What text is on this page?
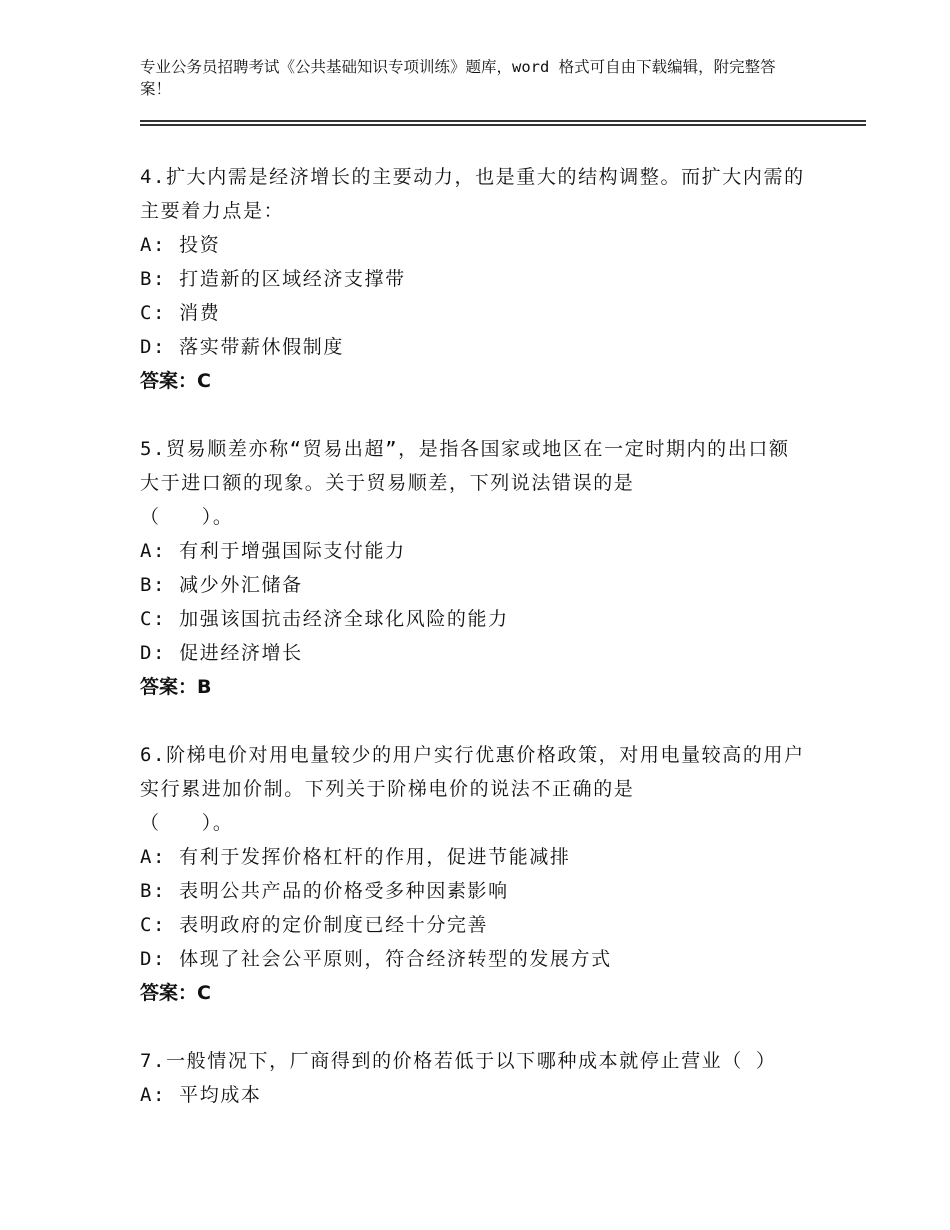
专业公务员招聘考试《公共基础知识专项训练》题库，word 格式可自由下载编辑，附完整答案！
4.扩大内需是经济增长的主要动力，也是重大的结构调整。而扩大内需的主要着力点是：
A: 投资
B: 打造新的区域经济支撑带
C: 消费
D: 落实带薪休假制度
答案：C
5.贸易顺差亦称“贸易出超”，是指各国家或地区在一定时期内的出口额大于进口额的现象。关于贸易顺差，下列说法错误的是
（　　）。
A: 有利于增强国际支付能力
B: 减少外汇储备
C: 加强该国抗击经济全球化风险的能力
D: 促进经济增长
答案：B
6.阶梯电价对用电量较少的用户实行优惠价格政策，对用电量较高的用户实行累进加价制。下列关于阶梯电价的说法不正确的是
（　　）。
A: 有利于发挥价格杠杆的作用，促进节能减排
B: 表明公共产品的价格受多种因素影响
C: 表明政府的定价制度已经十分完善
D: 体现了社会公平原则，符合经济转型的发展方式
答案：C
7.一般情况下，厂商得到的价格若低于以下哪种成本就停止营业（ ）
A: 平均成本
